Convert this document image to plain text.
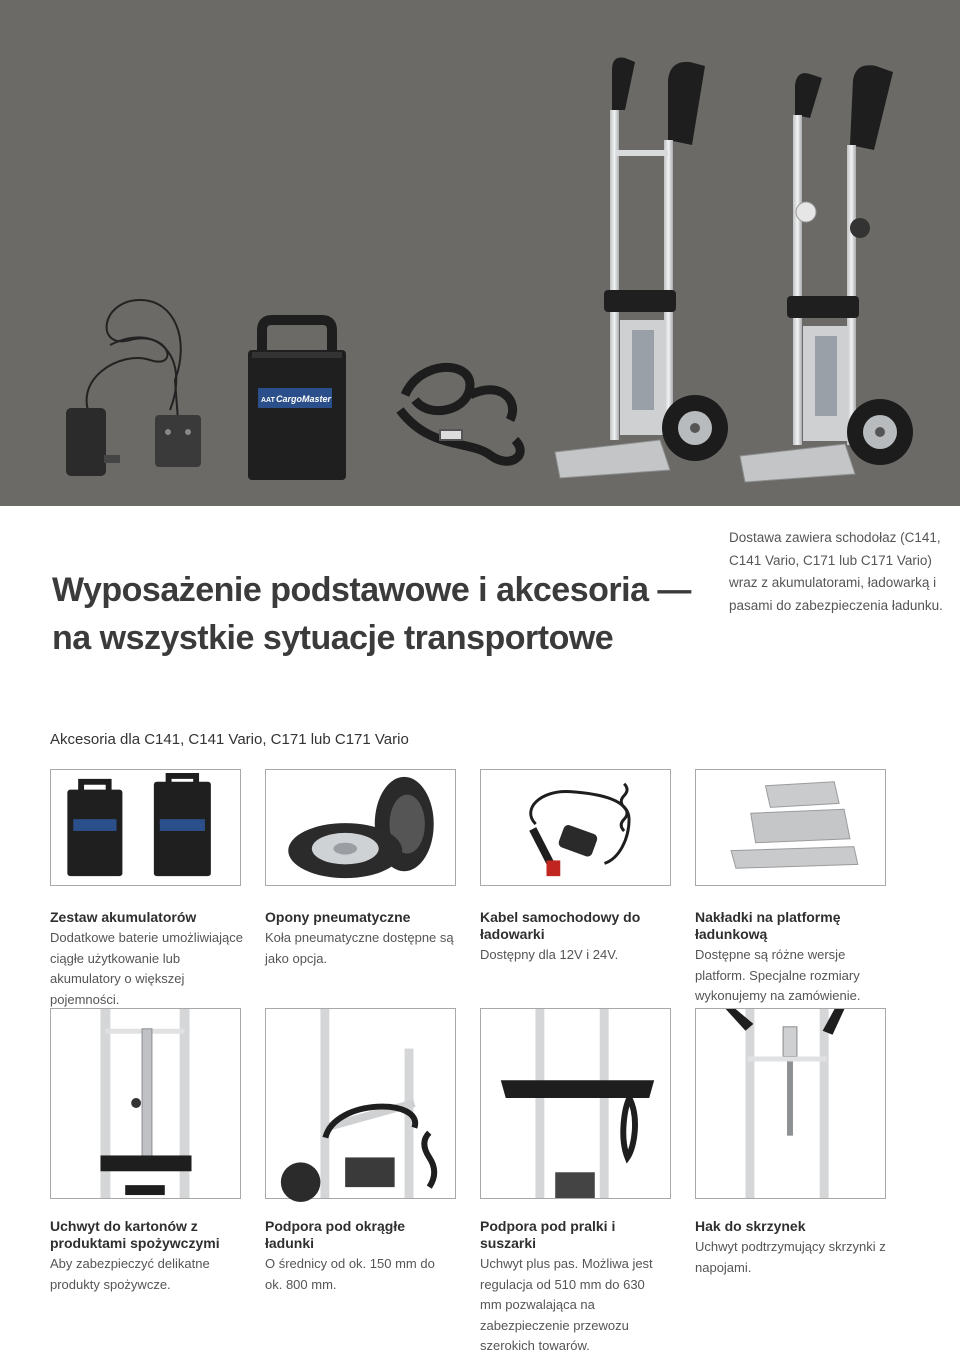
AAT CargoMaster
Wyposażenie podstawowe i akcesoria —
na wszystkie sytuacje transportowe

Dostawa zawiera schodołaz (C141, C141 Vario, C171 lub C171 Vario) wraz z akumulatorami, ładowarką i pasami do zabezpieczenia ładunku.

Akcesoria dla C141, C141 Vario, C171 lub C171 Vario
Zestaw akumulatorów
Dodatkowe baterie umożliwiające ciągłe użytkowanie lub akumulatory o większej pojemności.
Opony pneumatyczne
Koła pneumatyczne dostępne są jako opcja.
Kabel samochodowy do ładowarki
Dostępny dla 12V i 24V.
Nakładki na platformę ładunkową
Dostępne są różne wersje platform. Specjalne rozmiary wykonujemy na zamówienie.
Uchwyt do kartonów z produktami spożywczymi
Aby zabezpieczyć delikatne produkty spożywcze.
Podpora pod okrągłe ładunki
O średnicy od ok. 150 mm do ok. 800 mm.
Podpora pod pralki i suszarki
Uchwyt plus pas. Możliwa jest regulacja od 510 mm do 630 mm pozwalająca na zabezpieczenie przewozu szerokich towarów.
Hak do skrzynek
Uchwyt podtrzymujący skrzynki z napojami.
